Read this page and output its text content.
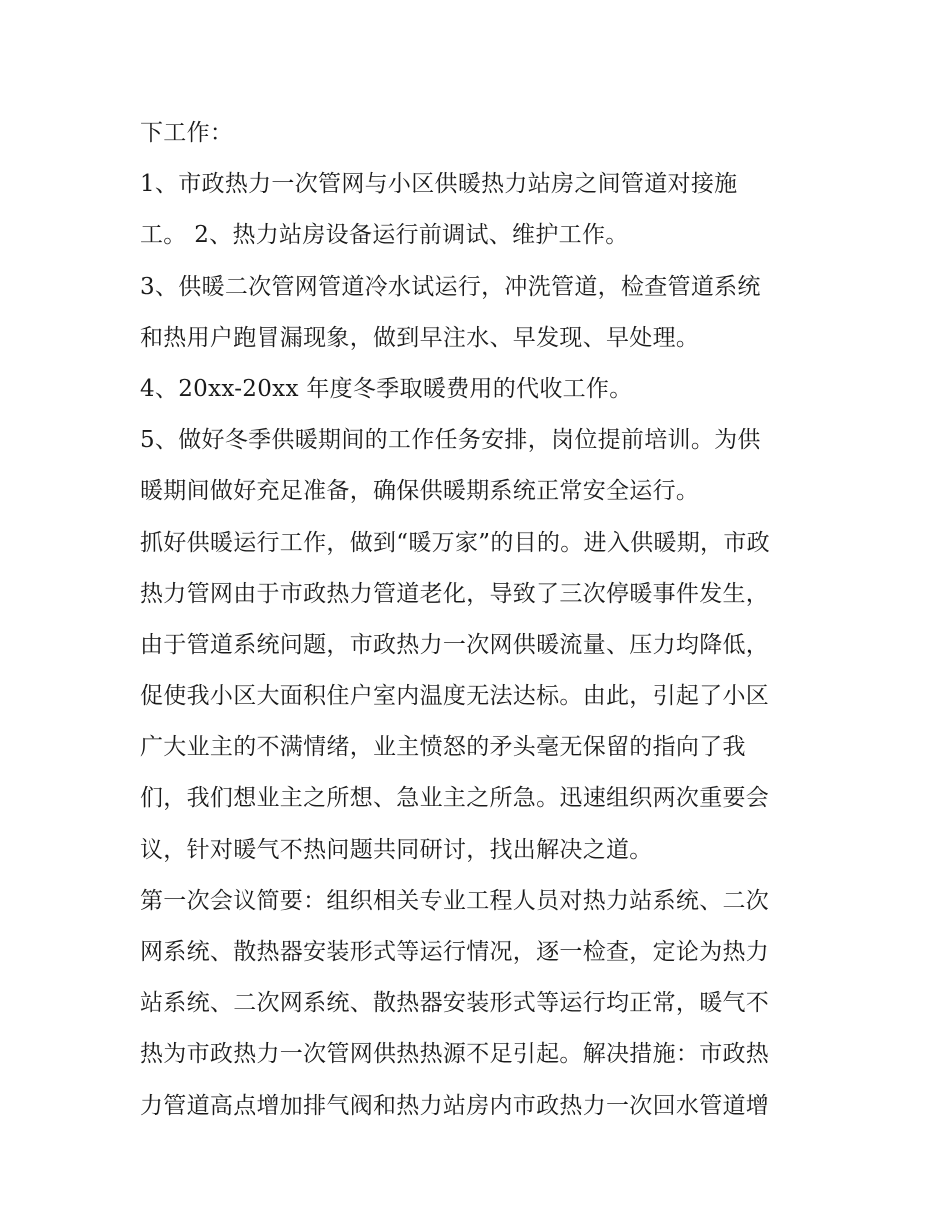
下工作：
1、市政热力一次管网与小区供暖热力站房之间管道对接施
工。 2、热力站房设备运行前调试、维护工作。
3、供暖二次管网管道冷水试运行，冲洗管道，检查管道系统
和热用户跑冒漏现象，做到早注水、早发现、早处理。
4、20xx-20xx 年度冬季取暖费用的代收工作。
5、做好冬季供暖期间的工作任务安排，岗位提前培训。为供
暖期间做好充足准备，确保供暖期系统正常安全运行。
抓好供暖运行工作，做到“暖万家”的目的。进入供暖期，市政
热力管网由于市政热力管道老化，导致了三次停暖事件发生，
由于管道系统问题，市政热力一次网供暖流量、压力均降低，
促使我小区大面积住户室内温度无法达标。由此，引起了小区
广大业主的不满情绪，业主愤怒的矛头毫无保留的指向了我
们，我们想业主之所想、急业主之所急。迅速组织两次重要会
议，针对暖气不热问题共同研讨，找出解决之道。
第一次会议简要：组织相关专业工程人员对热力站系统、二次
网系统、散热器安装形式等运行情况，逐一检查，定论为热力
站系统、二次网系统、散热器安装形式等运行均正常，暖气不
热为市政热力一次管网供热热源不足引起。解决措施：市政热
力管道高点增加排气阀和热力站房内市政热力一次回水管道增
